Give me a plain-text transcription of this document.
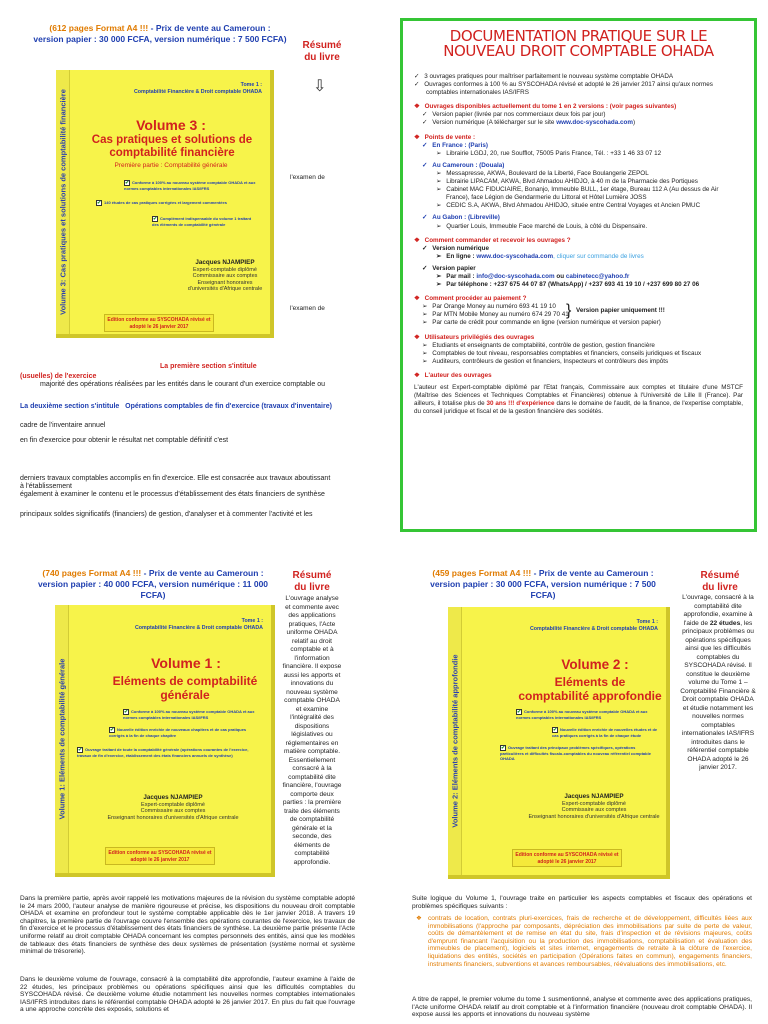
(612 pages Format A4 !!! - Prix de vente au Cameroun :
version papier : 30 000 FCFA, version numérique : 7 500 FCFA)
Résumé
du livre
⇩
Volume 3: Cas pratiques et solutions de comptabilité financière
Tome 1 :
Comptabilité Financière & Droit comptable OHADA
Volume 3 :
Cas pratiques et solutions de comptabilité financière
Première partie : Comptabilité générale
✔ Conforme à 100% au nouveau système comptable OHADA et aux normes comptables internationales IAS/IFRS
✔ 140 études de cas pratiques corrigées et largement commentées
✔ Complément indispensable du volume 1 traitant des éléments de comptabilité générale
Jacques NJAMPIEP
Expert-comptable diplômé
Commissaire aux comptes
Enseignant honoraires d'universités d'Afrique centrale
Edition conforme au SYSCOHADA révisé et adopté le 26 janvier 2017
l'examen de
l'examen de
La première section s'intitule
(usuelles) de l'exercice
majorité des opérations réalisées par les entités dans le courant d'un exercice comptable ou
La deuxième section s'intitule Opérations comptables de fin d'exercice (travaux d'inventaire)
cadre de l'inventaire annuel
en fin d'exercice pour obtenir le résultat net comptable définitif c'est
derniers travaux comptables accomplis en fin d'exercice. Elle est consacrée aux travaux aboutissant
à l'établissement
également à examiner le contenu et le processus d'établissement des états financiers de synthèse
principaux soldes significatifs (financiers) de gestion, d'analyser et à commenter l'activité et les
DOCUMENTATION PRATIQUE SUR LE
NOUVEAU DROIT COMPTABLE OHADA
✓ 3 ouvrages pratiques pour maîtriser parfaitement le nouveau système comptable OHADA
✓ Ouvrages conformes à 100 % au SYSCOHADA révisé et adopté le 26 janvier 2017 ainsi qu'aux normes comptables internationales IAS/IFRS
❖ Ouvrages disponibles actuellement du tome 1 en 2 versions : (voir pages suivantes)
✓ Version papier (livrée par nos commerciaux deux fois par jour)
✓ Version numérique (A télécharger sur le site www.doc-syscohada.com)
❖ Points de vente :
✓ En France : (Paris)
➢ Librairie LGDJ, 20, rue Soufflot, 75005 Paris France, Tél. : +33 1 46 33 07 12
✓ Au Cameroun : (Douala)
➢ Messapresse, AKWA, Boulevard de la Liberté, Face Boulangerie ZEPOL
➢ Librairie LIPACAM, AKWA, Blvd Ahmadou AHIDJO, à 40 m de la Pharmacie des Portiques
➢ Cabinet MAC FIDUCIAIRE, Bonanjo, Immeuble BULL, 1er étage, Bureau 112 A (Au dessus de Air France), face Légion de Gendarmerie du Littoral et Hôtel Lumière JOSS
➢ CEDIC S.A, AKWA, Blvd Ahmadou AHIDJO, située entre Central Voyages et Ancien PMUC
✓ Au Gabon : (Libreville)
➢ Quartier Louis, Immeuble Face marché de Louis, à côté du Dispensaire.
❖ Comment commander et recevoir les ouvrages ?
✓ Version numérique
➢ En ligne : www.doc-syscohada.com, cliquer sur commande de livres
✓ Version papier
➢ Par mail : info@doc-syscohada.com ou cabinetecc@yahoo.fr
➢ Par téléphone : +237 675 44 07 87 (WhatsApp) / +237 693 41 19 10 / +237 699 80 27 06
❖ Comment procéder au paiement ?
➢ Par Orange Money au numéro 693 41 19 10
➢ Par MTN Mobile Money au numéro 674 29 70 41
} Version papier uniquement !!!
➢ Par carte de crédit pour commande en ligne (version numérique et version papier)
❖ Utilisateurs privilégiés des ouvrages
➢ Etudiants et enseignants de comptabilité, contrôle de gestion, gestion financière
➢ Comptables de tout niveau, responsables comptables et financiers, conseils juridiques et fiscaux
➢ Auditeurs, contrôleurs de gestion et financiers, Inspecteurs et contrôleurs des impôts
❖ L'auteur des ouvrages
L'auteur est Expert-comptable diplômé par l'Etat français, Commissaire aux comptes et titulaire d'une MSTCF (Maîtrise des Sciences et Techniques Comptables et Financières) obtenue à l'Université de Lille II (France). Par ailleurs, il totalise plus de 30 ans !!! d'expérience dans le domaine de l'audit, de la finance, de l'expertise comptable, du conseil juridique et fiscal et de la gestion financière des sociétés.
(740 pages Format A4 !!! - Prix de vente au Cameroun :
version papier : 40 000 FCFA, version numérique : 11 000 FCFA)
Résumé
du livre
L'ouvrage analyse et commente avec des applications pratiques, l'Acte uniforme OHADA relatif au droit comptable et à l'information financière. Il expose aussi les apports et innovations du nouveau système comptable OHADA et examine l'intégralité des dispositions législatives ou réglementaires en matière comptable. Essentiellement consacré à la comptabilité dite financière, l'ouvrage comporte deux parties : la première traite des éléments de comptabilité générale et la seconde, des éléments de comptabilité approfondie.
Volume 1: Eléments de comptabilité générale
Tome 1 :
Comptabilité Financière & Droit comptable OHADA
Volume 1 :
Eléments de comptabilité générale
✔ Conforme à 100% au nouveau système comptable OHADA et aux normes comptables internationales IAS/IFRS
✔ Nouvelle édition enrichie de nouveaux chapitres et de cas pratiques corrigés à la fin de chaque chapitre
✔ Ouvrage traitant de toute la comptabilité générale (opérations courantes de l'exercice, travaux de fin d'exercice, établissement des états financiers annuels de synthèse)
Jacques NJAMPIEP
Expert-comptable diplômé
Commissaire aux comptes
Enseignant honoraires d'universités d'Afrique centrale
Edition conforme au SYSCOHADA révisé et adopté le 26 janvier 2017
Dans la première partie, après avoir rappelé les motivations majeures de la révision du système comptable adopté le 24 mars 2000, l'auteur analyse de manière rigoureuse et précise, les dispositions du nouveau droit comptable OHADA et examine en profondeur tout le système comptable applicable dès le 1er janvier 2018. A travers 19 chapitres, la première partie de l'ouvrage couvre l'ensemble des opérations courantes de l'exercice, les travaux de fin d'exercice et le processus d'établissement des états financiers de synthèse. La deuxième partie présente l'Acte uniforme relatif au droit comptable OHADA concernant les comptes personnels des entités, ainsi que les modèles de tableaux des états financiers de synthèse des deux systèmes de présentation (système normal et système minimal de trésorerie).
Dans le deuxième volume de l'ouvrage, consacré à la comptabilité dite approfondie, l'auteur examine à l'aide de 22 études, les principaux problèmes ou opérations spécifiques ainsi que les difficultés comptables du SYSCOHADA révisé. Ce deuxième volume étudie notamment les nouvelles normes comptables internationales IAS/IFRS introduites dans le référentiel comptable OHADA adopté le 26 janvier 2017. En plus du fait que l'ouvrage a une approche concrète des exposés, solutions et
(459 pages Format A4 !!! - Prix de vente au Cameroun :
version papier : 30 000 FCFA, version numérique : 7 500 FCFA)
Résumé
du livre
L'ouvrage, consacré à la comptabilité dite approfondie, examine à l'aide de 22 études, les principaux problèmes ou opérations spécifiques ainsi que les difficultés comptables du SYSCOHADA révisé. Il constitue le deuxième volume du Tome 1 – Comptabilité Financière & Droit comptable OHADA et étudie notamment les nouvelles normes comptables internationales IAS/IFRS introduites dans le référentiel comptable OHADA adopté le 26 janvier 2017.
Volume 2: Eléments de comptabilité approfondie
Tome 1 :
Comptabilité Financière & Droit comptable OHADA
Volume 2 :
Eléments de comptabilité approfondie
✔ Conforme à 100% au nouveau système comptable OHADA et aux normes comptables internationales IAS/IFRS
✔ Nouvelle édition enrichie de nouvelles études et de cas pratiques corrigés à la fin de chaque étude
✔ Ouvrage traitant des principaux problèmes spécifiques, opérations particulières et difficultés fiscalo-comptables du nouveau référentiel comptable OHADA
Jacques NJAMPIEP
Expert-comptable diplômé
Commissaire aux comptes
Enseignant honoraires d'universités d'Afrique centrale
Edition conforme au SYSCOHADA révisé et adopté le 26 janvier 2017
Suite logique du Volume 1, l'ouvrage traite en particulier les aspects comptables et fiscaux des opérations et problèmes spécifiques suivants :
❖ contrats de location, contrats pluri-exercices, frais de recherche et de développement, difficultés liées aux immobilisations (l'approche par composants, dépréciation des immobilisations par suite de perte de valeur, coûts de démantèlement et de remise en état du site, frais d'inspection et de révisions majeures, coûts d'emprunt financant l'acquisition ou la production des immobilisations, comptabilisation et évaluation des immeubles de placement), logiciels et sites internet, engagements de retraite à la clôture de l'exercice, liquidations des entités, sociétés en participation (Opérations faites en commun), engagements financiers, instruments financiers, subventions et avances remboursables, réévaluations des immobilisations, etc.
A titre de rappel, le premier volume du tome 1 susmentionné, analyse et commente avec des applications pratiques, l'Acte uniforme OHADA relatif au droit comptable et à l'information financière (nouveau droit comptable OHADA). Il expose aussi les apports et innovations du nouveau système
